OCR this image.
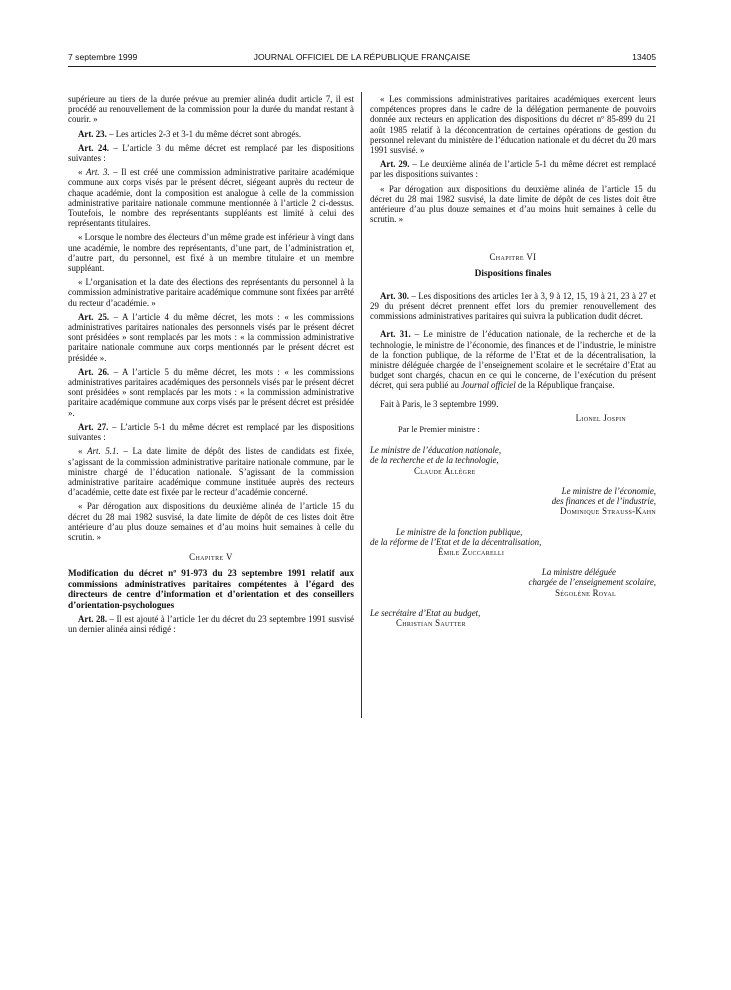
7 septembre 1999	JOURNAL OFFICIEL DE LA RÉPUBLIQUE FRANÇAISE	13405

supérieure au tiers de la durée prévue au premier alinéa dudit article 7, il est procédé au renouvellement de la commission pour la durée du mandat restant à courir. »

Art. 23. – Les articles 2-3 et 3-1 du même décret sont abrogés.

Art. 24. – L’article 3 du même décret est remplacé par les dispositions suivantes :

« Art. 3. – Il est créé une commission administrative paritaire académique commune aux corps visés par le présent décret, siégeant auprès du recteur de chaque académie, dont la composition est analogue à celle de la commission administrative paritaire nationale commune mentionnée à l’article 2 ci-dessus. Toutefois, le nombre des représentants suppléants est limité à celui des représentants titulaires.

« Lorsque le nombre des électeurs d’un même grade est inférieur à vingt dans une académie, le nombre des représentants, d’une part, de l’administration et, d’autre part, du personnel, est fixé à un membre titulaire et un membre suppléant.

« L’organisation et la date des élections des représentants du personnel à la commission administrative paritaire académique commune sont fixées par arrêté du recteur d’académie. »

Art. 25. – A l’article 4 du même décret, les mots : « les commissions administratives paritaires nationales des personnels visés par le présent décret sont présidées » sont remplacés par les mots : « la commission administrative paritaire nationale commune aux corps mentionnés par le présent décret est présidée ».

Art. 26. – A l’article 5 du même décret, les mots : « les commissions administratives paritaires académiques des personnels visés par le présent décret sont présidées » sont remplacés par les mots : « la commission administrative paritaire académique commune aux corps visés par le présent décret est présidée ».

Art. 27. – L’article 5-1 du même décret est remplacé par les dispositions suivantes :

« Art. 5.1. – La date limite de dépôt des listes de candidats est fixée, s’agissant de la commission administrative paritaire nationale commune, par le ministre chargé de l’éducation nationale. S’agissant de la commission administrative paritaire académique commune instituée auprès des recteurs d’académie, cette date est fixée par le recteur d’académie concerné.

« Par dérogation aux dispositions du deuxième alinéa de l’article 15 du décret du 28 mai 1982 susvisé, la date limite de dépôt de ces listes doit être antérieure d’au plus douze semaines et d’au moins huit semaines à celle du scrutin. »

Chapitre V
Modification du décret nº 91-973 du 23 septembre 1991 relatif aux commissions administratives paritaires compétentes à l’égard des directeurs de centre d’information et d’orientation et des conseillers d’orientation-psychologues

Art. 28. – Il est ajouté à l’article 1er du décret du 23 septembre 1991 susvisé un dernier alinéa ainsi rédigé :

« Les commissions administratives paritaires académiques exercent leurs compétences propres dans le cadre de la délégation permanente de pouvoirs donnée aux recteurs en application des dispositions du décret nº 85-899 du 21 août 1985 relatif à la déconcentration de certaines opérations de gestion du personnel relevant du ministère de l’éducation nationale et du décret du 20 mars 1991 susvisé. »

Art. 29. – Le deuxième alinéa de l’article 5-1 du même décret est remplacé par les dispositions suivantes :

« Par dérogation aux dispositions du deuxième alinéa de l’article 15 du décret du 28 mai 1982 susvisé, la date limite de dépôt de ces listes doit être antérieure d’au plus douze semaines et d’au moins huit semaines à celle du scrutin. »

Chapitre VI
Dispositions finales

Art. 30. – Les dispositions des articles 1er à 3, 9 à 12, 15, 19 à 21, 23 à 27 et 29 du présent décret prennent effet lors du premier renouvellement des commissions administratives paritaires qui suivra la publication dudit décret.

Art. 31. – Le ministre de l’éducation nationale, de la recherche et de la technologie, le ministre de l’économie, des finances et de l’industrie, le ministre de la fonction publique, de la réforme de l’Etat et de la décentralisation, la ministre déléguée chargée de l’enseignement scolaire et le secrétaire d’Etat au budget sont chargés, chacun en ce qui le concerne, de l’exécution du présent décret, qui sera publié au Journal officiel de la République française.

Fait à Paris, le 3 septembre 1999.

Lionel Jospin
Par le Premier ministre :
Le ministre de l’éducation nationale,
de la recherche et de la technologie,
Claude Allègre
Le ministre de l’économie,
des finances et de l’industrie,
Dominique Strauss-Kahn
Le ministre de la fonction publique,
de la réforme de l’Etat et de la décentralisation,
Émile Zuccarelli
La ministre déléguée
chargée de l’enseignement scolaire,
Ségolène Royal
Le secrétaire d’Etat au budget,
Christian Sautter
